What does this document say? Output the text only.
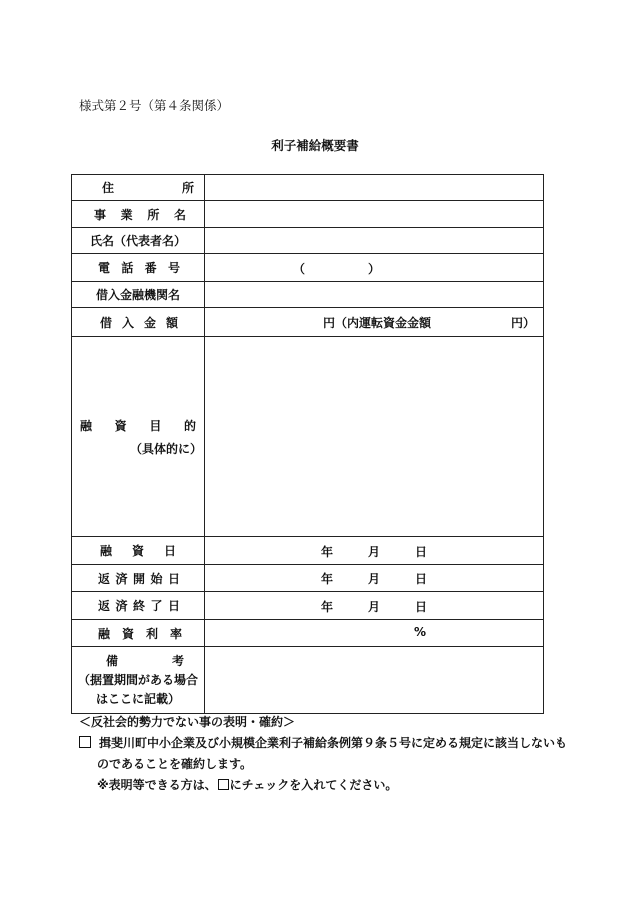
様式第２号（第４条関係）
利子補給概要書
住 所	

事 業 所 名	

氏名（代表者名）	

電 話 番 号	（ ）

借入金融機関名	

借 入 金 額	円（内運転資金金額 円）

融 資 目 的
（具体的に）	

融 資 日	年 月 日

返 済 開 始 日	年 月 日

返 済 終 了 日	年 月 日

融 資 利 率	%

備 考
（据置期間がある場合
はここに記載）	

＜反社会的勢力でない事の表明・確約＞
揖斐川町中小企業及び小規模企業利子補給条例第９条５号に定める規定に該当しないも
のであることを確約します。
※表明等できる方は、 にチェックを入れてください。
